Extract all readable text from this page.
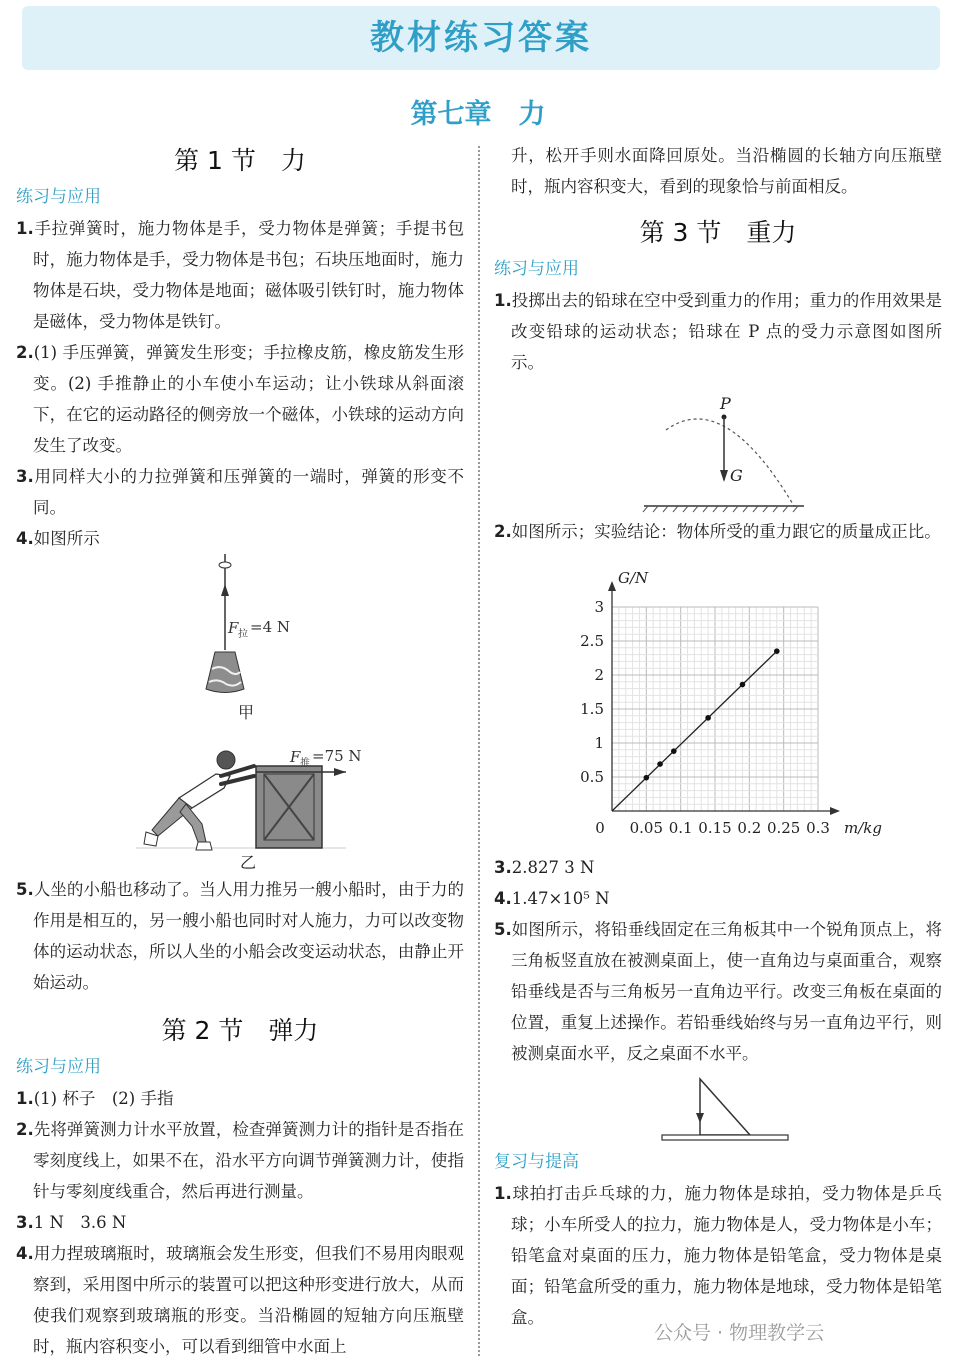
教材练习答案
第七章　力
第 1 节　力
练习与应用
1.手拉弹簧时，施力物体是手，受力物体是弹簧；手提书包时，施力物体是手，受力物体是书包；石块压地面时，施力物体是石块，受力物体是地面；磁体吸引铁钉时，施力物体是磁体，受力物体是铁钉。
2.(1) 手压弹簧，弹簧发生形变；手拉橡皮筋，橡皮筋发生形变。(2) 手推静止的小车使小车运动；让小铁球从斜面滚下，在它的运动路径的侧旁放一个磁体，小铁球的运动方向发生了改变。
3.用同样大小的力拉弹簧和压弹簧的一端时，弹簧的形变不同。
4.如图所示
F 拉 =4 N
甲
F 推 =75 N
乙
5.人坐的小船也移动了。当人用力推另一艘小船时，由于力的作用是相互的，另一艘小船也同时对人施力，力可以改变物体的运动状态，所以人坐的小船会改变运动状态，由静止开始运动。
第 2 节　弹力
练习与应用
1.(1) 杯子　(2) 手指
2.先将弹簧测力计水平放置，检查弹簧测力计的指针是否指在零刻度线上，如果不在，沿水平方向调节弹簧测力计，使指针与零刻度线重合，然后再进行测量。
3.1 N　3.6 N
4.用力捏玻璃瓶时，玻璃瓶会发生形变，但我们不易用肉眼观察到，采用图中所示的装置可以把这种形变进行放大，从而使我们观察到玻璃瓶的形变。当沿椭圆的短轴方向压瓶壁时，瓶内容积变小，可以看到细管中水面上
升，松开手则水面降回原处。当沿椭圆的长轴方向压瓶壁时，瓶内容积变大，看到的现象恰与前面相反。
第 3 节　重力
练习与应用
1.投掷出去的铅球在空中受到重力的作用；重力的作用效果是改变铅球的运动状态；铅球在 P 点的受力示意图如图所示。
P
G
2.如图所示；实验结论：物体所受的重力跟它的质量成正比。
0 0.05 0.1 0.15 0.2 0.25 0.3
0.5
1
1.5
2
2.5
3
m/kg
G/N
3.2.827 3 N
4.1.47×10⁵ N
5.如图所示，将铅垂线固定在三角板其中一个锐角顶点上，将三角板竖直放在被测桌面上，使一直角边与桌面重合，观察铅垂线是否与三角板另一直角边平行。改变三角板在桌面的位置，重复上述操作。若铅垂线始终与另一直角边平行，则被测桌面水平，反之桌面不水平。
复习与提高
1.球拍打击乒乓球的力，施力物体是球拍，受力物体是乒乓球；小车所受人的拉力，施力物体是人，受力物体是小车；铅笔盒对桌面的压力，施力物体是铅笔盒，受力物体是桌面；铅笔盒所受的重力，施力物体是地球，受力物体是铅笔盒。
公众号 · 物理教学云
